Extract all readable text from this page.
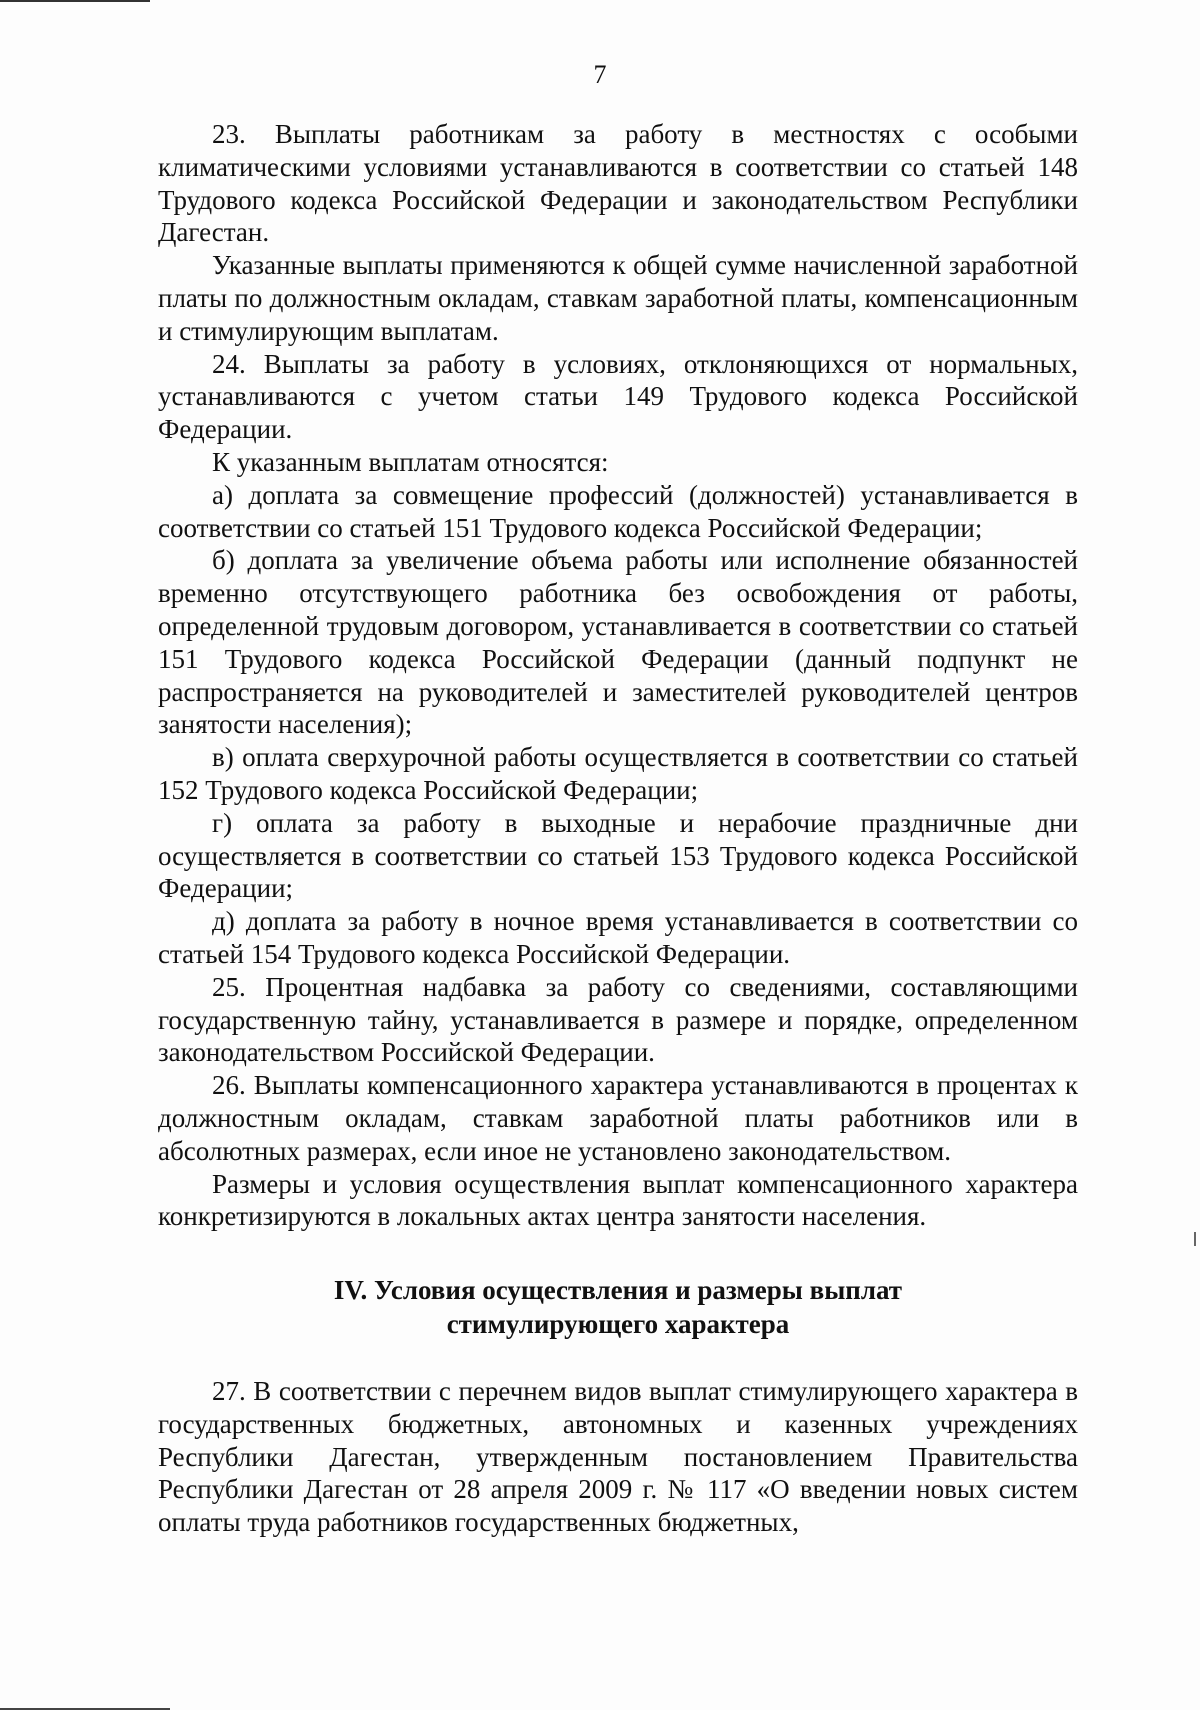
7

23. Выплаты работникам за работу в местностях с особыми климатическими условиями устанавливаются в соответствии со статьей 148 Трудового кодекса Российской Федерации и законодательством Республики Дагестан.

Указанные выплаты применяются к общей сумме начисленной заработной платы по должностным окладам, ставкам заработной платы, компенсационным и стимулирующим выплатам.

24. Выплаты за работу в условиях, отклоняющихся от нормальных, устанавливаются с учетом статьи 149 Трудового кодекса Российской Федерации.

К указанным выплатам относятся:

а) доплата за совмещение профессий (должностей) устанавливается в соответствии со статьей 151 Трудового кодекса Российской Федерации;

б) доплата за увеличение объема работы или исполнение обязанностей временно отсутствующего работника без освобождения от работы, определенной трудовым договором, устанавливается в соответствии со статьей 151 Трудового кодекса Российской Федерации (данный подпункт не распространяется на руководителей и заместителей руководителей центров занятости населения);

в) оплата сверхурочной работы осуществляется в соответствии со статьей 152 Трудового кодекса Российской Федерации;

г) оплата за работу в выходные и нерабочие праздничные дни осуществляется в соответствии со статьей 153 Трудового кодекса Российской Федерации;

д) доплата за работу в ночное время устанавливается в соответствии со статьей 154 Трудового кодекса Российской Федерации.

25. Процентная надбавка за работу со сведениями, составляющими государственную тайну, устанавливается в размере и порядке, определенном законодательством Российской Федерации.

26. Выплаты компенсационного характера устанавливаются в процентах к должностным окладам, ставкам заработной платы работников или в абсолютных размерах, если иное не установлено законодательством.

Размеры и условия осуществления выплат компенсационного характера конкретизируются в локальных актах центра занятости населения.

IV. Условия осуществления и размеры выплат
стимулирующего характера

27. В соответствии с перечнем видов выплат стимулирующего характера в государственных бюджетных, автономных и казенных учреждениях Республики Дагестан, утвержденным постановлением Правительства Республики Дагестан от 28 апреля 2009 г. № 117 «О введении новых систем оплаты труда работников государственных бюджетных,
